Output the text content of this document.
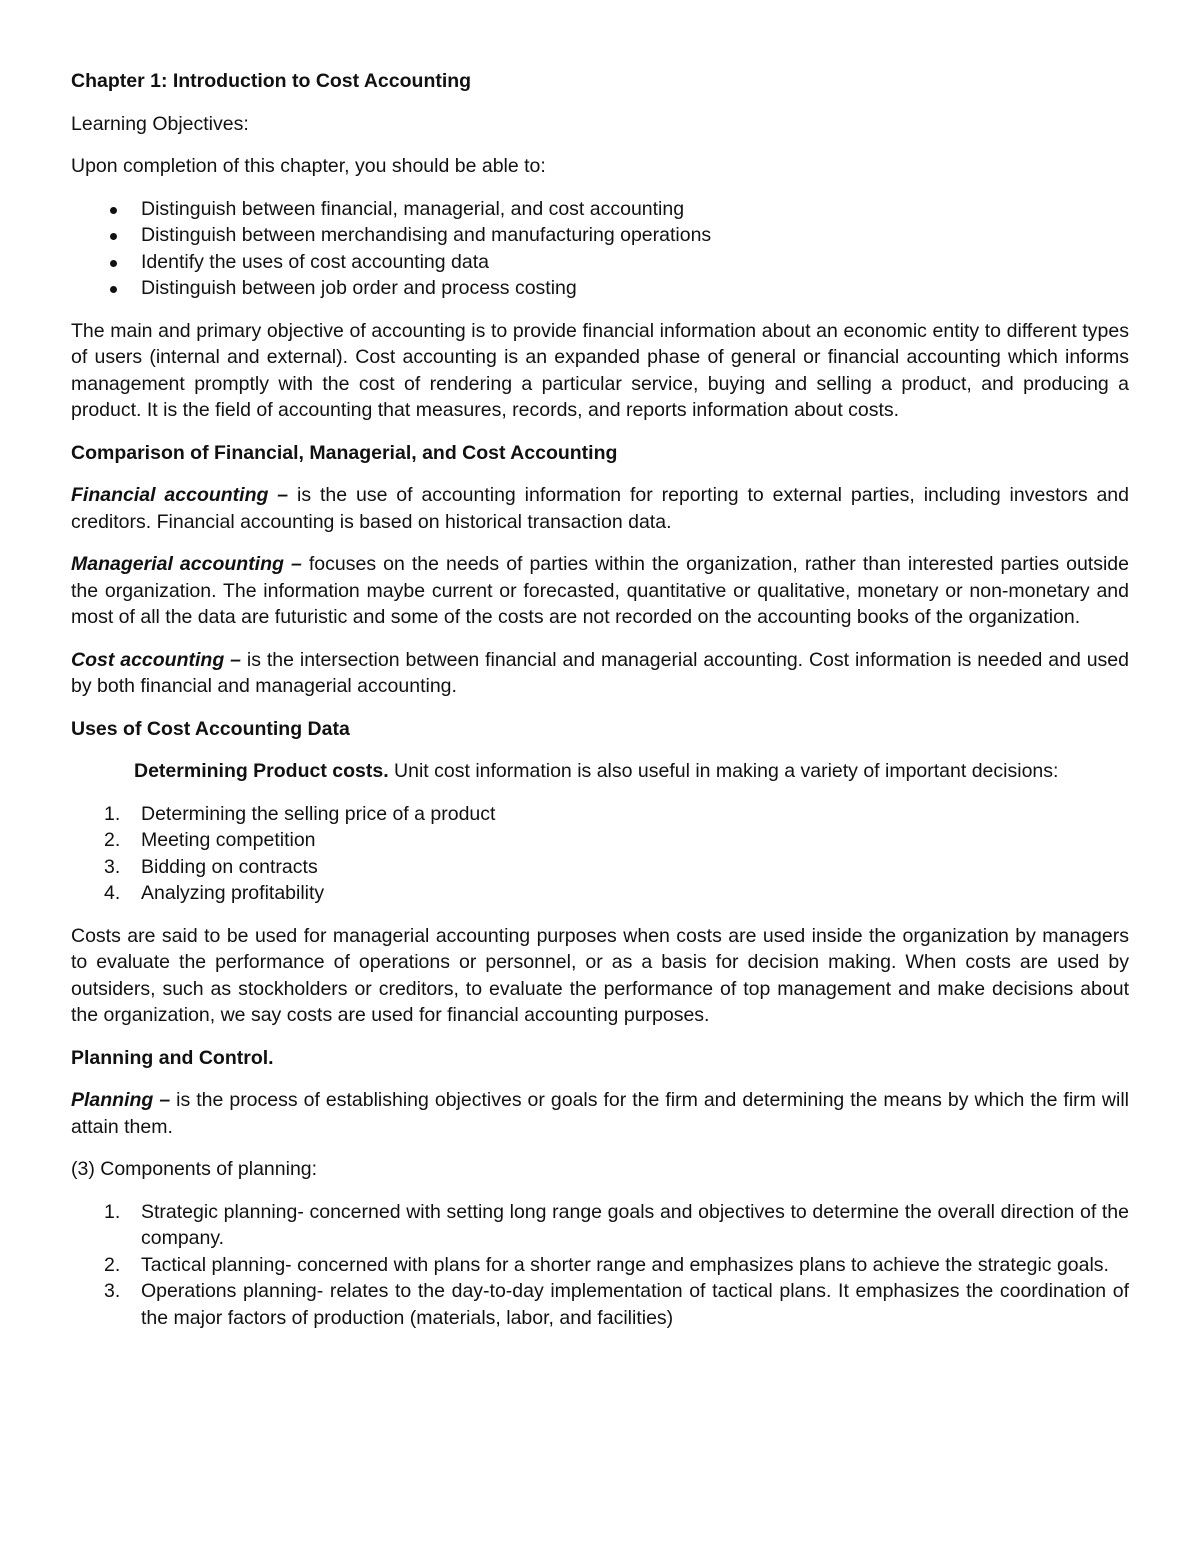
Chapter 1: Introduction to Cost Accounting

Learning Objectives:

Upon completion of this chapter, you should be able to:

Distinguish between financial, managerial, and cost accounting
Distinguish between merchandising and manufacturing operations
Identify the uses of cost accounting data
Distinguish between job order and process costing

The main and primary objective of accounting is to provide financial information about an economic entity to different types of users (internal and external). Cost accounting is an expanded phase of general or financial accounting which informs management promptly with the cost of rendering a particular service, buying and selling a product, and producing a product. It is the field of accounting that measures, records, and reports information about costs.

Comparison of Financial, Managerial, and Cost Accounting

Financial accounting – is the use of accounting information for reporting to external parties, including investors and creditors. Financial accounting is based on historical transaction data.

Managerial accounting – focuses on the needs of parties within the organization, rather than interested parties outside the organization. The information maybe current or forecasted, quantitative or qualitative, monetary or non-monetary and most of all the data are futuristic and some of the costs are not recorded on the accounting books of the organization.

Cost accounting – is the intersection between financial and managerial accounting. Cost information is needed and used by both financial and managerial accounting.

Uses of Cost Accounting Data

Determining Product costs. Unit cost information is also useful in making a variety of important decisions:

1. Determining the selling price of a product
2. Meeting competition
3. Bidding on contracts
4. Analyzing profitability

Costs are said to be used for managerial accounting purposes when costs are used inside the organization by managers to evaluate the performance of operations or personnel, or as a basis for decision making. When costs are used by outsiders, such as stockholders or creditors, to evaluate the performance of top management and make decisions about the organization, we say costs are used for financial accounting purposes.

Planning and Control.

Planning – is the process of establishing objectives or goals for the firm and determining the means by which the firm will attain them.

(3) Components of planning:

1. Strategic planning- concerned with setting long range goals and objectives to determine the overall direction of the company.
2. Tactical planning- concerned with plans for a shorter range and emphasizes plans to achieve the strategic goals.
3. Operations planning- relates to the day-to-day implementation of tactical plans. It emphasizes the coordination of the major factors of production (materials, labor, and facilities)
